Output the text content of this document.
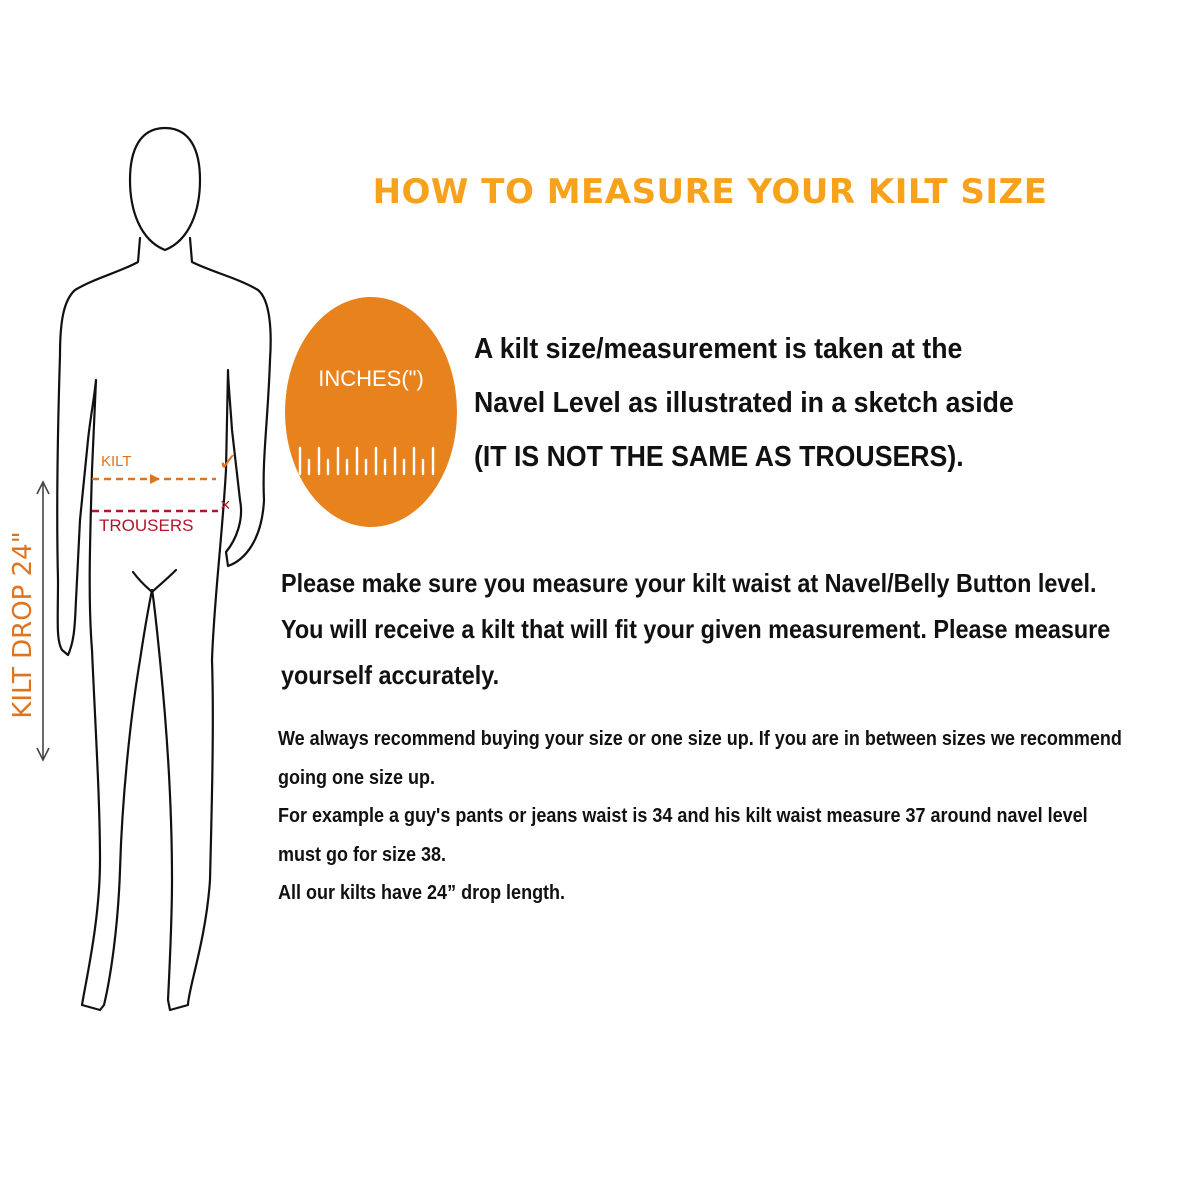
KILT	✓
TROUSERS
×
KILT DROP 24"
HOW TO MEASURE YOUR KILT SIZE
INCHES(")
A kilt size/measurement is taken at the
Navel Level as illustrated in a sketch aside
(IT IS NOT THE SAME AS TROUSERS).
Please make sure you measure your kilt waist at Navel/Belly Button level.
You will receive a kilt that will fit your given measurement. Please measure
yourself accurately.
We always recommend buying your size or one size up. If you are in between sizes we recommend
going one size up.
For example a guy's pants or jeans waist is 34 and his kilt waist measure 37 around navel level
must go for size 38.
All our kilts have 24” drop length.
